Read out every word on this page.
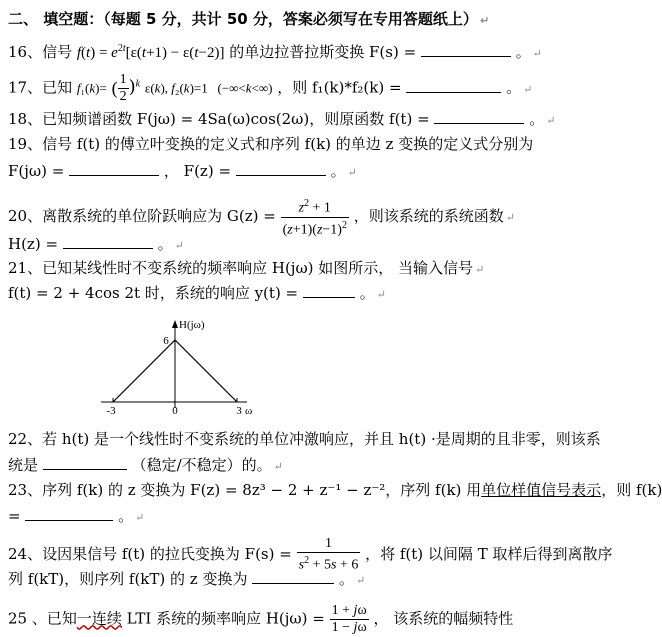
二、 填空题：（每题 5 分，共计 50 分，答案必须写在专用答题纸上） ↵
16、信号 $f(t) = e^{2t}[\varepsilon(t+1) - \varepsilon(t-2)]$ 的单边拉普拉斯变换 F(s) =	。 ↵
17、已知 f₁(k)= ( $\frac{1}{2} )^k$ ε(k), f₂(k)=1   (−∞<k<∞) ，则 f₁(k)*f₂(k) =	。 ↵
18、已知频谱函数 F(jω) = 4Sa(ω)cos(2ω)，则原函数 f(t) =	。 ↵
19、信号 f(t) 的傅立叶变换的定义式和序列 f(k) 的单边 z 变换的定义式分别为
F(jω) =	， F(z) =	。 ↵
20、离散系统的单位阶跃响应为 $G(z) = \frac{z^2 + 1}{(z+1)(z-1)^2}$ ，则该系统的系统函数 ↵
H(z) =	。 ↵
21、已知某线性时不变系统的频率响应 H(jω) 如图所示， 当输入信号 ↵
f(t) = 2 + 4cos 2t 时，系统的响应 y(t) =	。 ↵
-3	0	3
6
H(jω)
ω
22、若 h(t) 是一个线性时不变系统的单位冲激响应，并且 h(t) ·是周期的且非零，则该系
统是	（稳定/不稳定）的。 ↵
23、序列 f(k) 的 z 变换为 F(z) = 8z³ − 2 + z⁻¹ − z⁻²，序列 f(k) 用单位样值信号表示，则 f(k)
=	。 ↵
24、设因果信号 f(t) 的拉氏变换为 $F(s) = \frac{1}{s^2 + 5s + 6}$ ，将 f(t) 以间隔 T 取样后得到离散序
列 f(kT)，则序列 f(kT) 的 z 变换为	。 ↵
25 、已知一连续 LTI 系统的频率响应 $H(j\omega) = \frac{1 + j\omega}{1 - j\omega}$ ， 该系统的幅频特性
